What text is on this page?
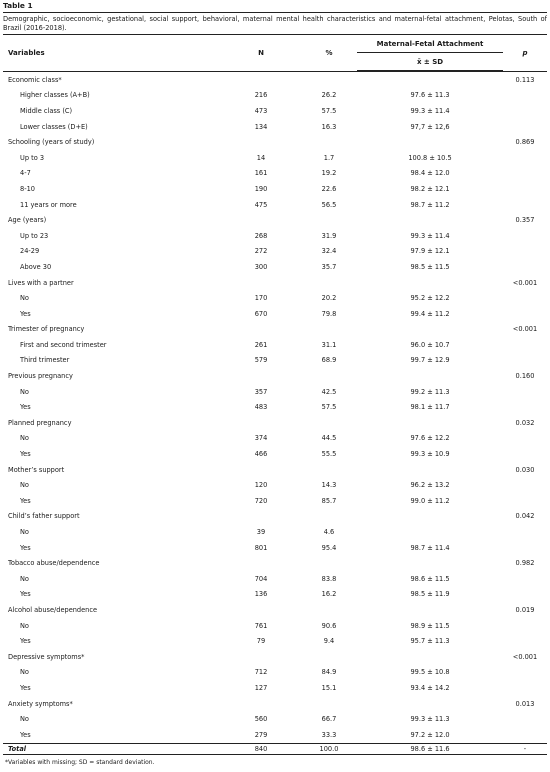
Table 1
Demographic, socioeconomic, gestational, social support, behavioral, maternal mental health characteristics and maternal-fetal attachment, Pelotas, South of Brazil (2016-2018).
Variables	N	%	Maternal-Fetal Attachment	p
			x̄ ± SD	

Economic class*				0.113
Higher classes (A+B)	216	26.2	97.6 ± 11.3	
Middle class (C)	473	57.5	99.3 ± 11.4	
Lower classes (D+E)	134	16.3	97,7 ± 12,6	
Schooling (years of study)				0.869
Up to 3	14	1.7	100.8 ± 10.5	
4-7	161	19.2	98.4 ± 12.0	
8-10	190	22.6	98.2 ± 12.1	
11 years or more	475	56.5	98.7 ± 11.2	
Age (years)				0.357
Up to 23	268	31.9	99.3 ± 11.4	
24-29	272	32.4	97.9 ± 12.1	
Above 30	300	35.7	98.5 ± 11.5	
Lives with a partner				<0.001
No	170	20.2	95.2 ± 12.2	
Yes	670	79.8	99.4 ± 11.2	
Trimester of pregnancy				<0.001
First and second trimester	261	31.1	96.0 ± 10.7	
Third trimester	579	68.9	99.7 ± 12.9	
Previous pregnancy				0.160
No	357	42.5	99.2 ± 11.3	
Yes	483	57.5	98.1 ± 11.7	
Planned pregnancy				0.032
No	374	44.5	97.6 ± 12.2	
Yes	466	55.5	99.3 ± 10.9	
Mother’s support				0.030
No	120	14.3	96.2 ± 13.2	
Yes	720	85.7	99.0 ± 11.2	
Child’s father support				0.042
No	39	4.6		
Yes	801	95.4	98.7 ± 11.4	
Tobacco abuse/dependence				0.982
No	704	83.8	98.6 ± 11.5	
Yes	136	16.2	98.5 ± 11.9	
Alcohol abuse/dependence				0.019
No	761	90.6	98.9 ± 11.5	
Yes	79	9.4	95.7 ± 11.3	
Depressive symptoms*				<0.001
No	712	84.9	99.5 ± 10.8	
Yes	127	15.1	93.4 ± 14.2	
Anxiety symptoms*				0.013
No	560	66.7	99.3 ± 11.3	
Yes	279	33.3	97.2 ± 12.0	
Total	840	100.0	98.6 ± 11.6	-
*Variables with missing; SD = standard deviation.
